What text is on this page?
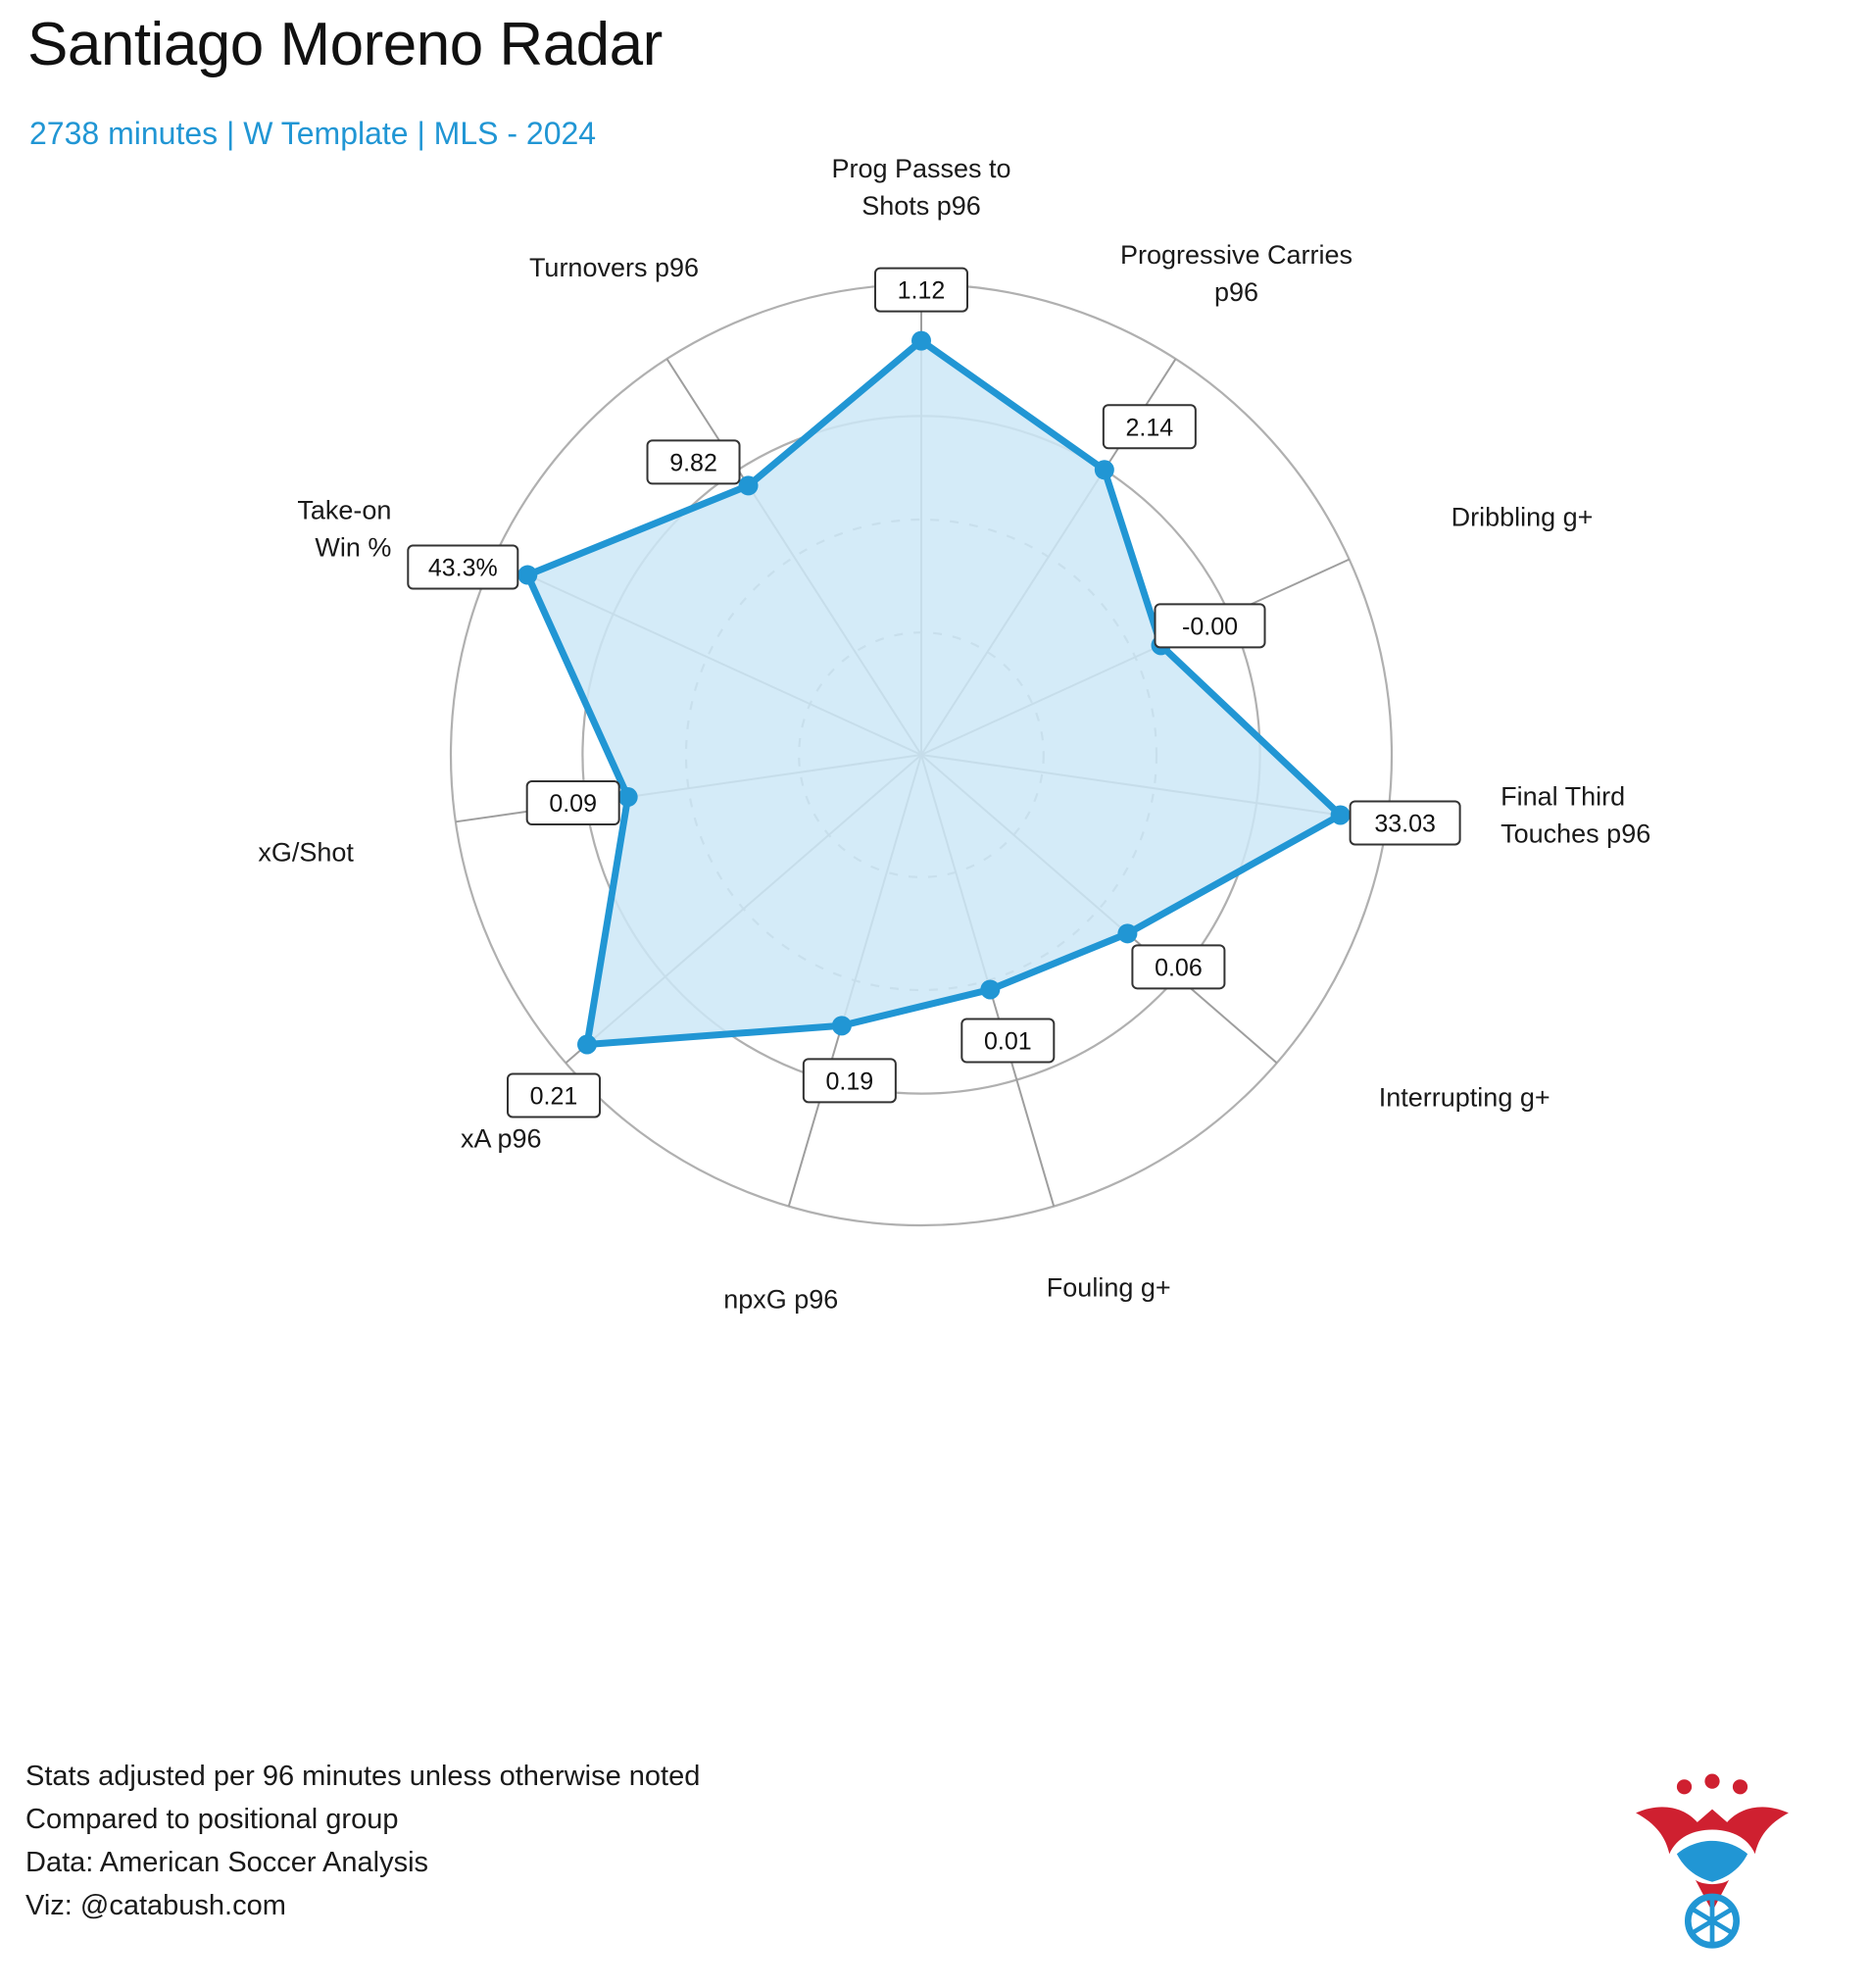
Santiago Moreno Radar
2738 minutes | W Template | MLS - 2024
1.12
2.14
-0.00
33.03
0.06
0.01
0.19
0.21
0.09
43.3%
9.82
Prog Passes to Shots p96
Progressive Carries p96
Dribbling g+
Final Third Touches p96
Interrupting g+
Fouling g+
npxG p96
xA p96
xG/Shot
Take-on Win %
Turnovers p96
Stats adjusted per 96 minutes unless otherwise noted
Compared to positional group
Data: American Soccer Analysis
Viz: @catabush.com
